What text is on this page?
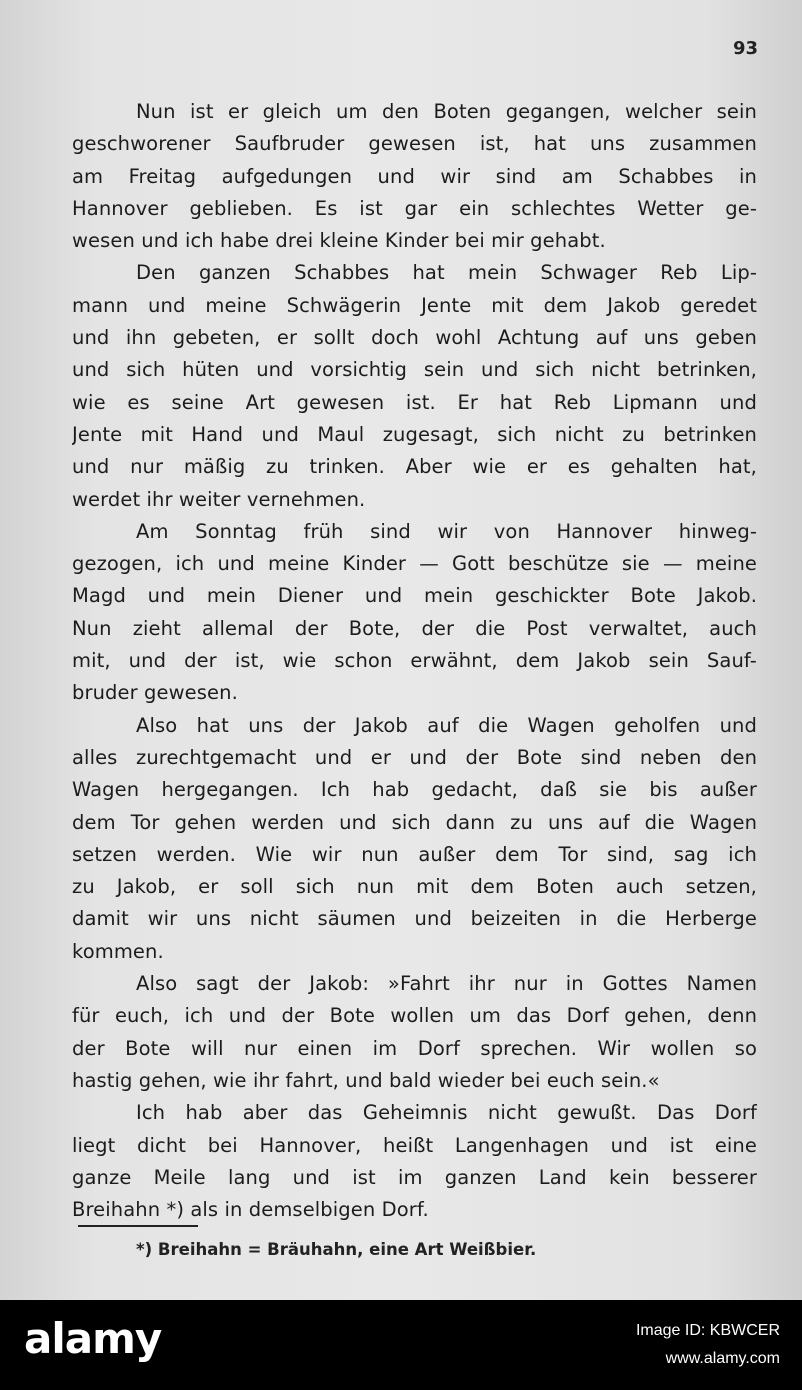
93
Nun ist er gleich um den Boten gegangen, welcher sein
geschworener Saufbruder gewesen ist, hat uns zusammen
am Freitag aufgedungen und wir sind am Schabbes in
Hannover geblieben. Es ist gar ein schlechtes Wetter ge-
wesen und ich habe drei kleine Kinder bei mir gehabt.
Den ganzen Schabbes hat mein Schwager Reb Lip-
mann und meine Schwägerin Jente mit dem Jakob geredet
und ihn gebeten, er sollt doch wohl Achtung auf uns geben
und sich hüten und vorsichtig sein und sich nicht betrinken,
wie es seine Art gewesen ist. Er hat Reb Lipmann und
Jente mit Hand und Maul zugesagt, sich nicht zu betrinken
und nur mäßig zu trinken. Aber wie er es gehalten hat,
werdet ihr weiter vernehmen.
Am Sonntag früh sind wir von Hannover hinweg-
gezogen, ich und meine Kinder — Gott beschütze sie — meine
Magd und mein Diener und mein geschickter Bote Jakob.
Nun zieht allemal der Bote, der die Post verwaltet, auch
mit, und der ist, wie schon erwähnt, dem Jakob sein Sauf-
bruder gewesen.
Also hat uns der Jakob auf die Wagen geholfen und
alles zurechtgemacht und er und der Bote sind neben den
Wagen hergegangen. Ich hab gedacht, daß sie bis außer
dem Tor gehen werden und sich dann zu uns auf die Wagen
setzen werden. Wie wir nun außer dem Tor sind, sag ich
zu Jakob, er soll sich nun mit dem Boten auch setzen,
damit wir uns nicht säumen und beizeiten in die Herberge
kommen.
Also sagt der Jakob: »Fahrt ihr nur in Gottes Namen
für euch, ich und der Bote wollen um das Dorf gehen, denn
der Bote will nur einen im Dorf sprechen. Wir wollen so
hastig gehen, wie ihr fahrt, und bald wieder bei euch sein.«
Ich hab aber das Geheimnis nicht gewußt. Das Dorf
liegt dicht bei Hannover, heißt Langenhagen und ist eine
ganze Meile lang und ist im ganzen Land kein besserer
Breihahn *) als in demselbigen Dorf.
*) Breihahn = Bräuhahn, eine Art Weißbier.
alamy	Image ID: KBWCER
www.alamy.com
